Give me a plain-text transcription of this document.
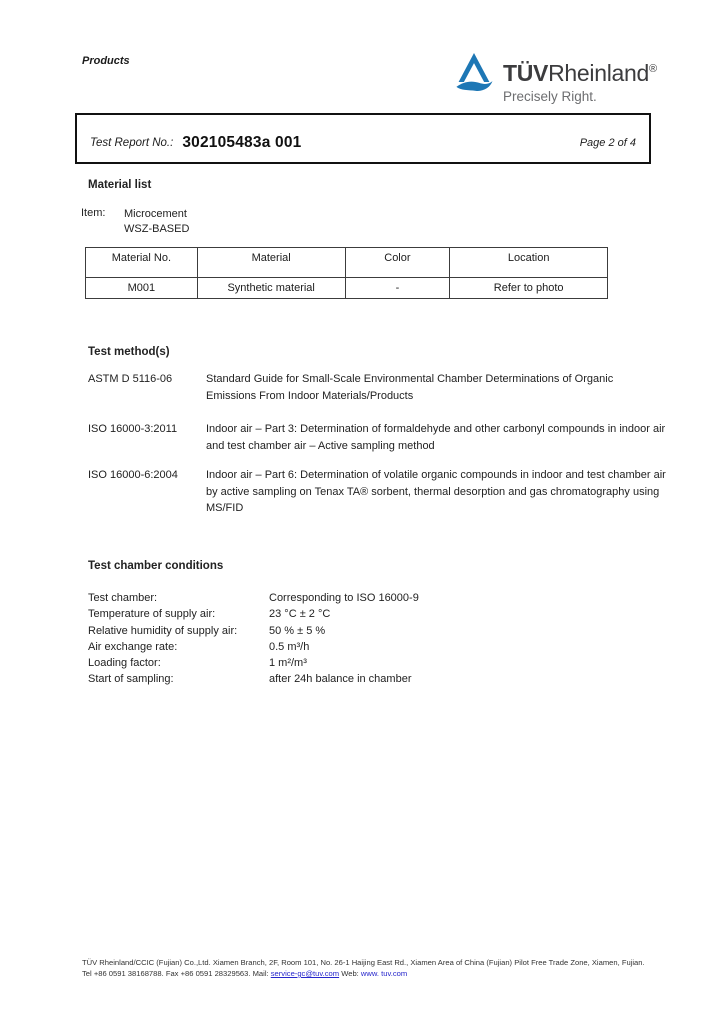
Products	TÜVRheinland®
Precisely Right.
Test Report No.: 302105483a 001	Page 2 of 4
Material list
Item:	Microcement
WSZ-BASED
Material No.	Material	Color	Location
M001	Synthetic material	-	Refer to photo
Test method(s)
ASTM D 5116-06	Standard Guide for Small-Scale Environmental Chamber Determinations of Organic Emissions From Indoor Materials/Products
ISO 16000-3:2011	Indoor air – Part 3: Determination of formaldehyde and other carbonyl compounds in indoor air and test chamber air – Active sampling method
ISO 16000-6:2004	Indoor air – Part 6: Determination of volatile organic compounds in indoor and test chamber air by active sampling on Tenax TA® sorbent, thermal desorption and gas chromatography using MS/FID
Test chamber conditions
Test chamber:	Corresponding to ISO 16000-9
Temperature of supply air:	23 °C ± 2 °C
Relative humidity of supply air:	50 % ± 5 %
Air exchange rate:	0.5 m³/h
Loading factor:	1 m²/m³
Start of sampling:	after 24h balance in chamber
TÜV Rheinland/CCIC (Fujian) Co.,Ltd. Xiamen Branch, 2F, Room 101, No. 26-1 Haijing East Rd., Xiamen Area of China (Fujian) Pilot Free Trade Zone, Xiamen, Fujian.
Tel +86 0591 38168788. Fax +86 0591 28329563. Mail: service-gc@tuv.com Web: www. tuv.com
